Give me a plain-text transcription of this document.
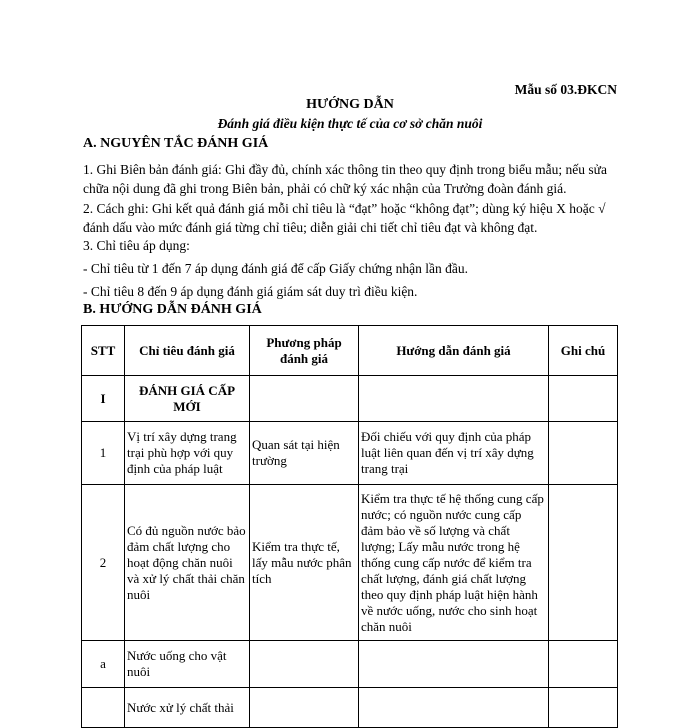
Mẫu số 03.ĐKCN
HƯỚNG DẪN
Đánh giá điều kiện thực tế của cơ sở chăn nuôi
A. NGUYÊN TẮC ĐÁNH GIÁ
1. Ghi Biên bản đánh giá: Ghi đầy đủ, chính xác thông tin theo quy định trong biểu mẫu; nếu sửa chữa nội dung đã ghi trong Biên bản, phải có chữ ký xác nhận của Trưởng đoàn đánh giá.
2. Cách ghi: Ghi kết quả đánh giá mỗi chỉ tiêu là “đạt” hoặc “không đạt”; dùng ký hiệu X hoặc √ đánh dấu vào mức đánh giá từng chỉ tiêu; diễn giải chi tiết chỉ tiêu đạt và không đạt.
3. Chỉ tiêu áp dụng:
- Chỉ tiêu từ 1 đến 7 áp dụng đánh giá để cấp Giấy chứng nhận lần đầu.
- Chỉ tiêu 8 đến 9 áp dụng đánh giá giám sát duy trì điều kiện.
B. HƯỚNG DẪN ĐÁNH GIÁ
STT	Chỉ tiêu đánh giá	Phương pháp đánh giá	Hướng dẫn đánh giá	Ghi chú
I	ĐÁNH GIÁ CẤP MỚI			
1	Vị trí xây dựng trang trại phù hợp với quy định của pháp luật	Quan sát tại hiện trường	Đối chiếu với quy định của pháp luật liên quan đến vị trí xây dựng trang trại	
2	Có đủ nguồn nước bảo đảm chất lượng cho hoạt động chăn nuôi và xử lý chất thải chăn nuôi	Kiểm tra thực tế, lấy mẫu nước phân tích	Kiểm tra thực tế hệ thống cung cấp nước; có nguồn nước cung cấp đảm bảo về số lượng và chất lượng; Lấy mẫu nước trong hệ thống cung cấp nước để kiểm tra chất lượng, đánh giá chất lượng theo quy định pháp luật hiện hành về nước uống, nước cho sinh hoạt chăn nuôi	
a	Nước uống cho vật nuôi			
	Nước xử lý chất thải			
